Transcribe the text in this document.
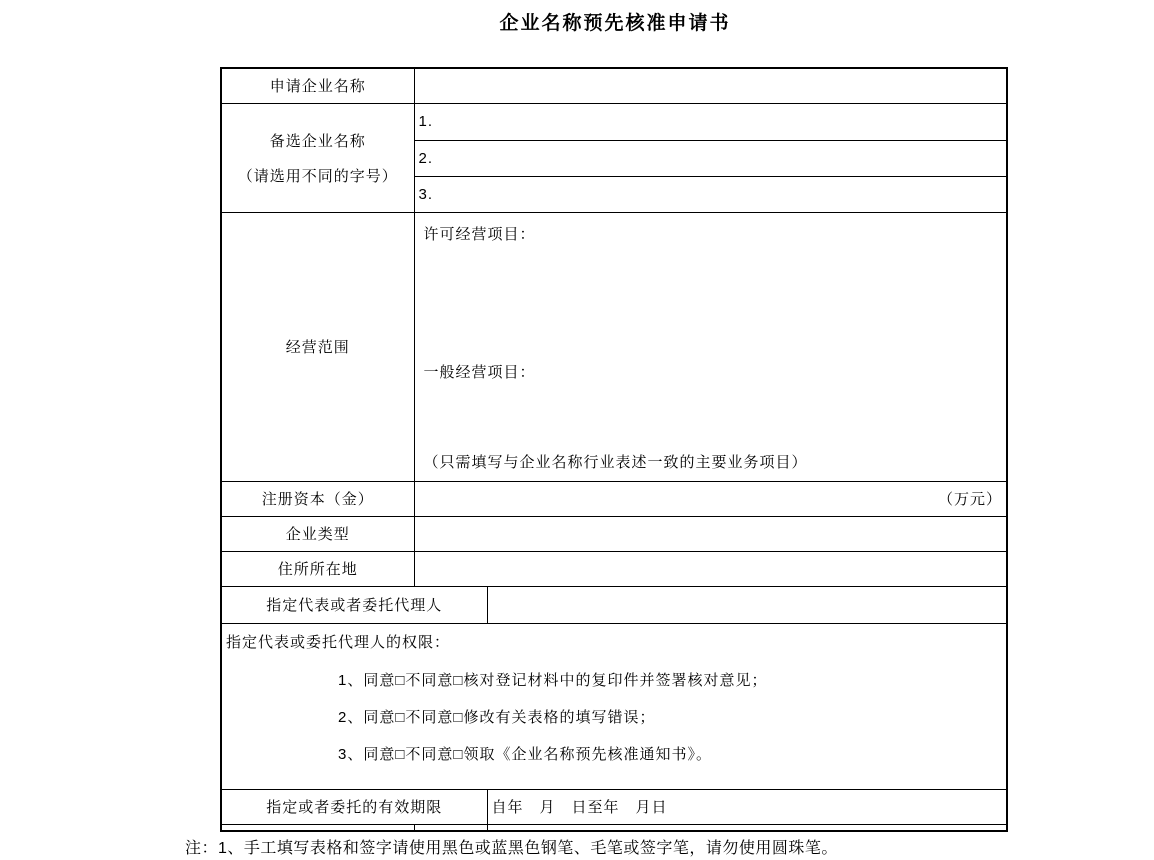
企业名称预先核准申请书
申请企业名称		

备选企业名称
（请选用不同的字号）	1.	
	2.	
	3.	
经营范围	许可经营项目：
一般经营项目：
（只需填写与企业名称行业表述一致的主要业务项目）	

注册资本（金）	（万元）	
企业类型		
住所所在地		
指定代表或者委托代理人		

指定代表或委托代理人的权限：
1、同意□不同意□核对登记材料中的复印件并签署核对意见；
2、同意□不同意□修改有关表格的填写错误；
3、同意□不同意□领取《企业名称预先核准通知书》。		

指定或者委托的有效期限		自年　月　日至年　月日

注：1、手工填写表格和签字请使用黑色或蓝黑色钢笔、毛笔或签字笔，请勿使用圆珠笔。
